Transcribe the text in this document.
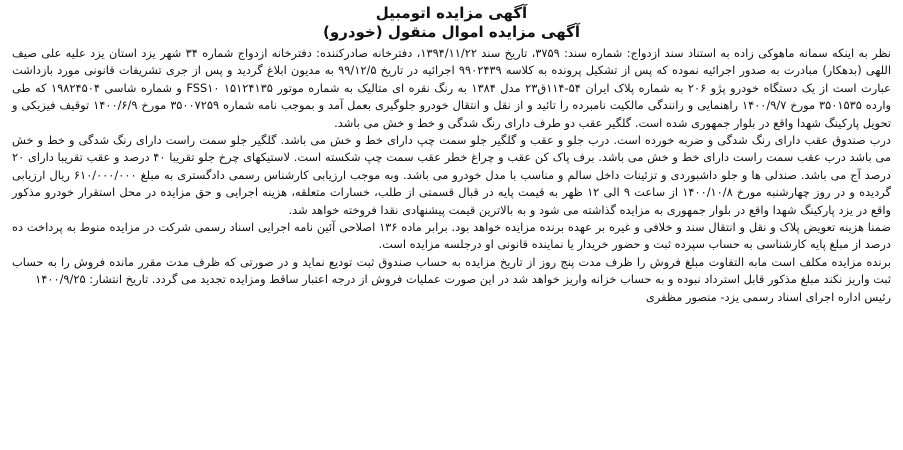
آگهی مزایده اتومبیل
آگهی مزایده اموال منقول (خودرو)

نظر به اینکه سمانه ماهوکی زاده به استناد سند ازدواج: شماره سند: ۳۷۵۹، تاریخ سند ۱۳۹۴/۱۱/۲۲، دفترخانه صادرکننده: دفترخانه ازدواج شماره ۳۴ شهر یزد استان یزد علیه علی صیف اللهی (بدهکار) مبادرت به صدور اجرائیه نموده که پس از تشکیل پرونده به کلاسه ۹۹۰۲۴۳۹ اجرائیه در تاریخ ۹۹/۱۲/۵ به مدیون ابلاغ گردید و پس از جری تشریفات قانونی مورد بازداشت عبارت است از یک دستگاه خودرو پژو ۲۰۶ به شماره پلاک ایران ۵۴-۱۱۴ق۲۳ مدل ۱۳۸۴ به رنگ نقره ای متالیک به شماره موتور ۱۵۱۲۴۱۳۵ FSS۱۰ و شماره شاسی ۱۹۸۲۴۵۰۴ که طی وارده ۳۵۰۱۵۳۵ مورخ ۱۴۰۰/۹/۷ راهنمایی و رانندگی مالکیت نامبرده را تائید و از نقل و انتقال خودرو جلوگیری بعمل آمد و بموجب نامه شماره ۳۵۰۰۷۲۵۹ مورخ ۱۴۰۰/۶/۹ توقیف فیزیکی و تحویل پارکینگ شهدا واقع در بلوار جمهوری شده است. گلگیر عقب دو طرف دارای رنگ شدگی و خط و خش می باشد.

درب صندوق عقب دارای رنگ شدگی و ضربه خورده است. درب جلو و عقب و گلگیر جلو سمت چپ دارای خط و خش می باشد. گلگیر جلو سمت راست دارای رنگ شدگی و خط و خش می باشد درب عقب سمت راست دارای خط و خش می باشد. برف پاک کن عقب و چراغ خطر عقب سمت چپ شکسته است. لاستیکهای چرخ جلو تقریبا ۴۰ درصد و عقب تقریبا دارای ۲۰ درصد آج می باشد. صندلی ها و جلو داشبوردی و تزئینات داخل سالم و مناسب با مدل خودرو می باشد. وبه موجب ارزیابی کارشناس رسمی دادگستری به مبلغ ۶۱۰/۰۰۰/۰۰۰ ریال ارزیابی گردیده و در روز چهارشنبه مورخ ۱۴۰۰/۱۰/۸ از ساعت ۹ الی ۱۲ ظهر به قیمت پایه در قبال قسمتی از طلب، خسارات متعلقه، هزینه اجرایی و حق مزایده در محل استقرار خودرو مذکور واقع در یزد پارکینگ شهدا واقع در بلوار جمهوری به مزایده گذاشته می شود و به بالاترین قیمت پیشنهادی نقدا فروخته خواهد شد.

ضمنا هزینه تعویض پلاک و نقل و انتقال سند و خلافی و غیره بر عهده برنده مزایده خواهد بود. برابر ماده ۱۳۶ اصلاحی آئین نامه اجرایی اسناد رسمی شرکت در مزایده منوط به پرداخت ده درصد از مبلغ پایه کارشناسی به حساب سپرده ثبت و حضور خریدار یا نماینده قانونی او درجلسه مزایده است.

برنده مزایده مکلف است مابه التفاوت مبلغ فروش را ظرف مدت پنج روز از تاریخ مزایده به حساب صندوق ثبت توديع نمايد و در صورتی كه ظرف مدت مقرر مانده فروش را به حساب ثبت واریز نکند مبلغ مذکور قابل استرداد نبوده و به حساب خزانه واریز خواهد شد در این صورت عملیات فروش از درجه اعتبار ساقط ومزایده تجدید می گردد. تاریخ انتشار: ۱۴۰۰/۹/۲۵

رئیس اداره اجرای اسناد رسمی یزد- منصور مظفری
